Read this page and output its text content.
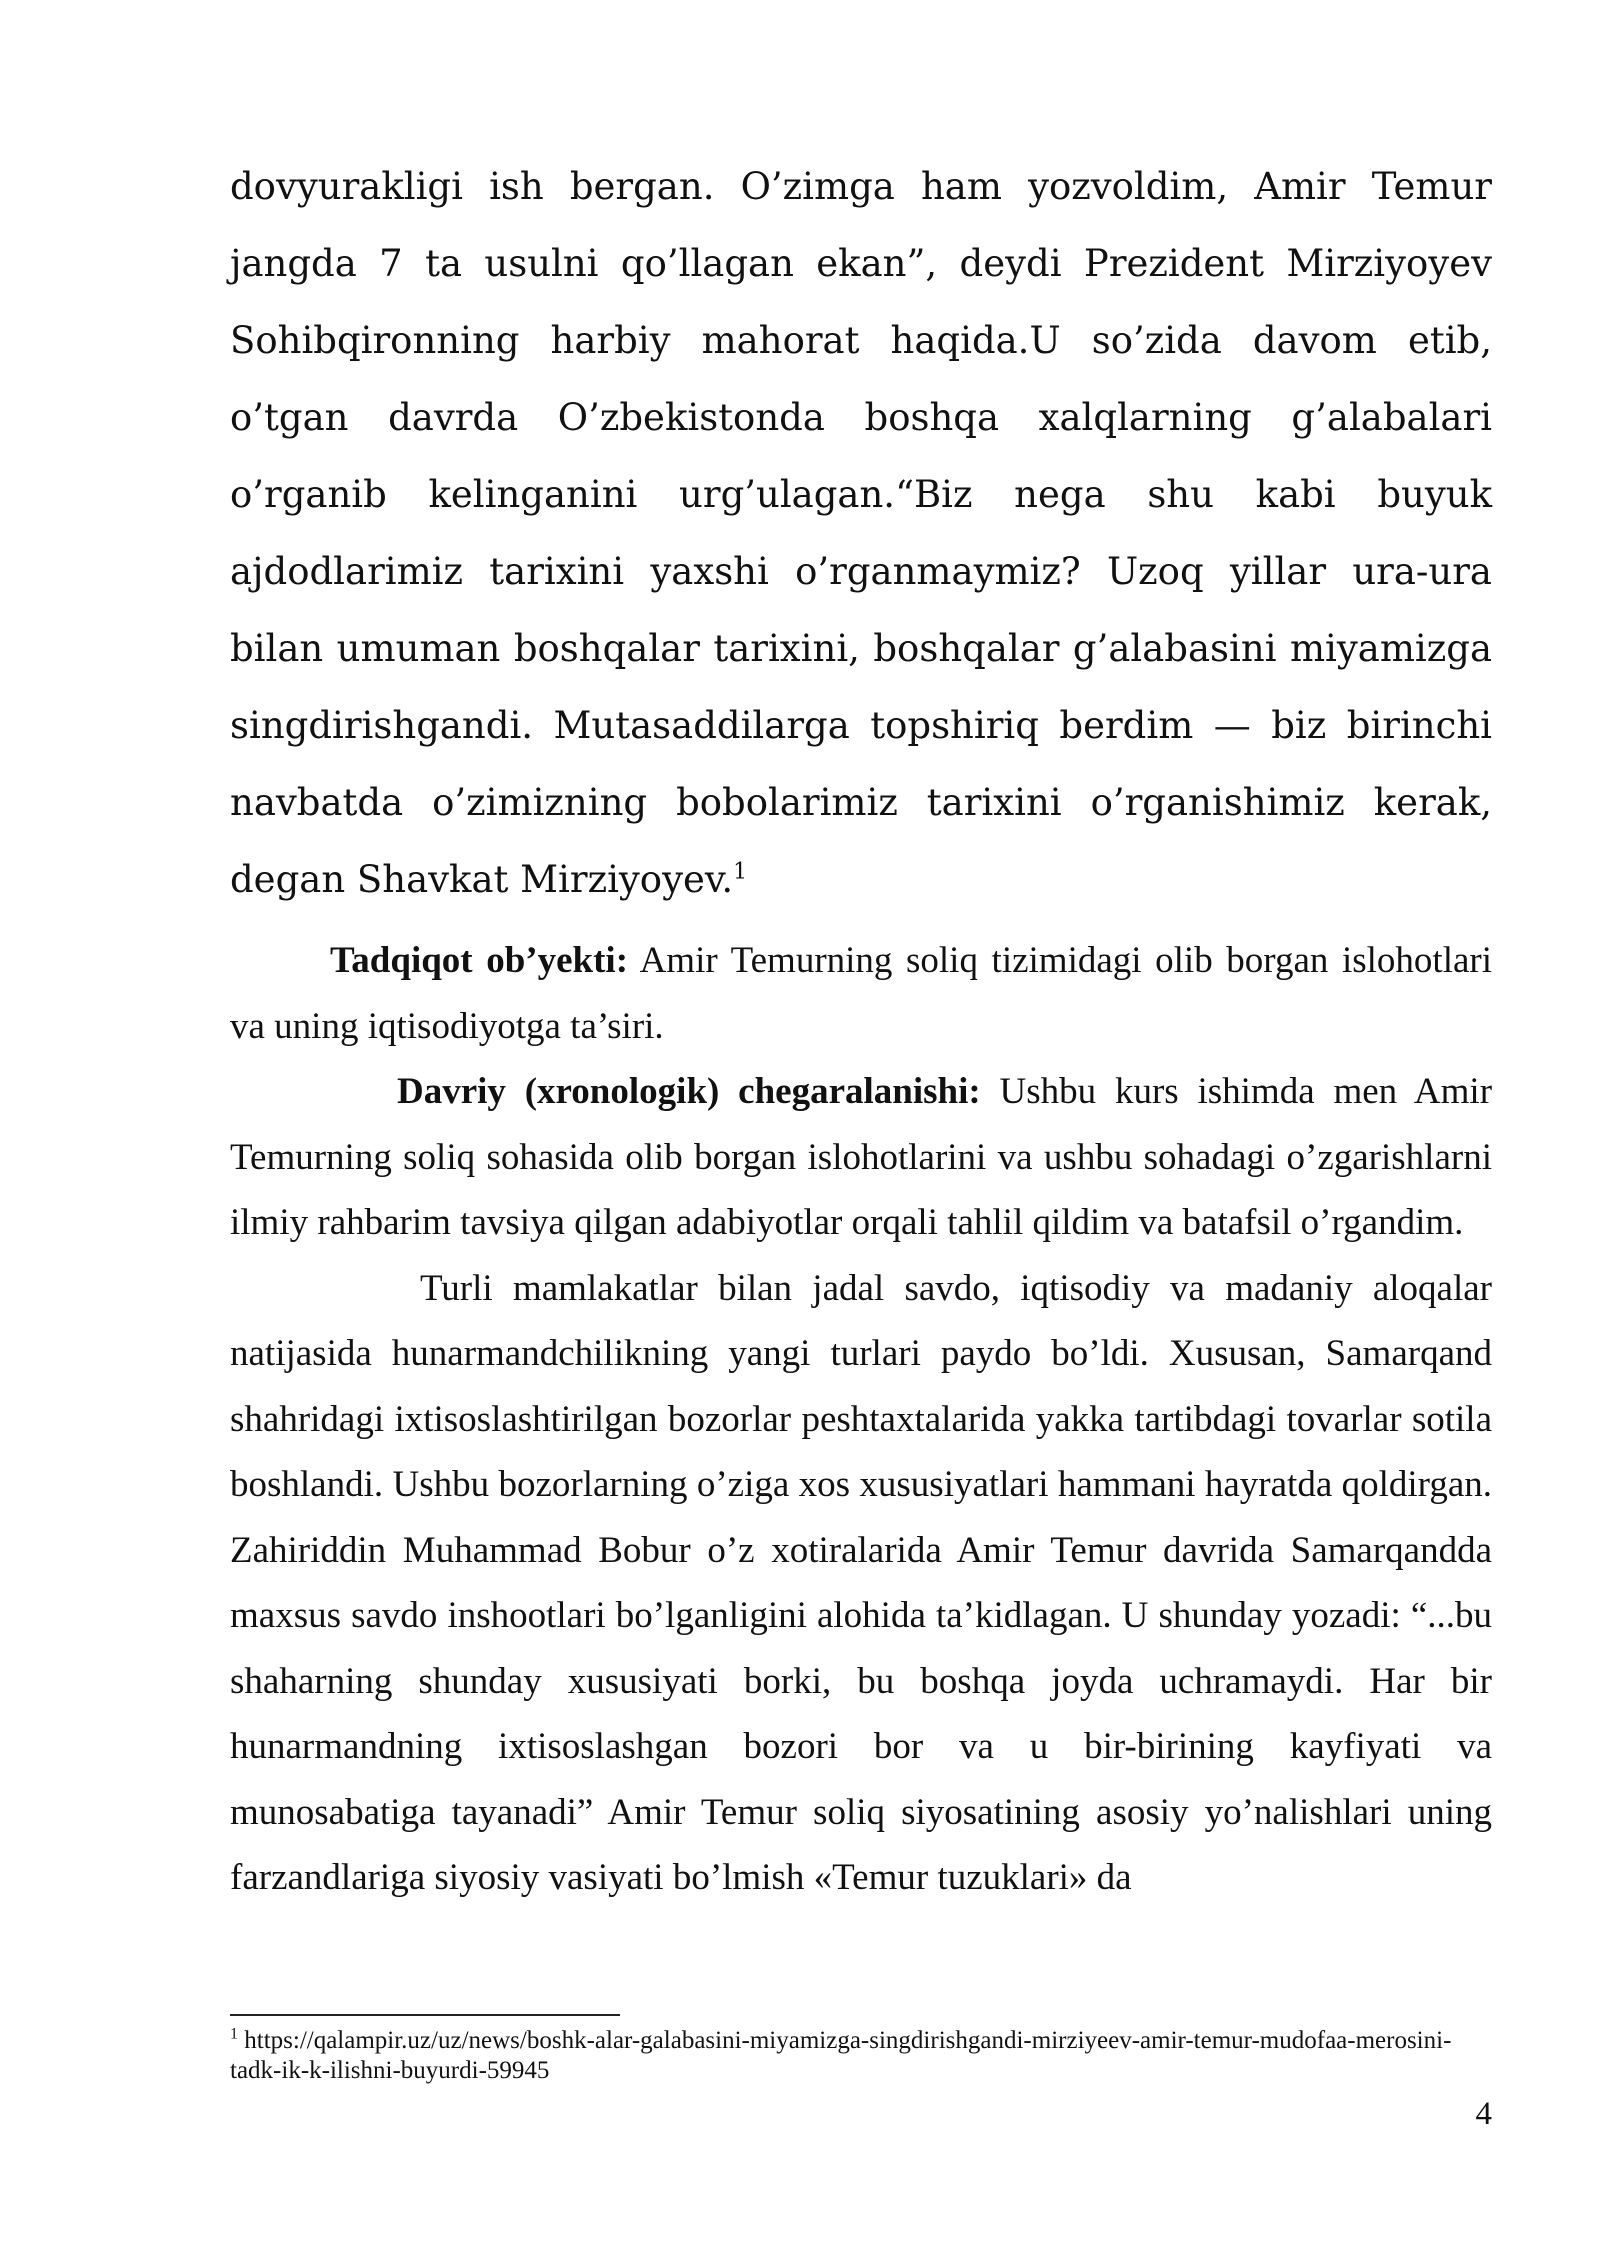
dovyurakligi ish bergan. O’zimga ham yozvoldim, Amir Temur jangda 7 ta usulni qo’llagan ekan”, deydi Prezident Mirziyoyev Sohibqironning harbiy mahorat haqida.U so’zida davom etib, o’tgan davrda O’zbekistonda boshqa xalqlarning g’alabalari o’rganib kelinganini urg’ulagan.“Biz nega shu kabi buyuk ajdodlarimiz tarixini yaxshi o’rganmaymiz? Uzoq yillar ura-ura bilan umuman boshqalar tarixini, boshqalar g’alabasini miyamizga singdirishgandi. Mutasaddilarga topshiriq berdim — biz birinchi navbatda o’zimizning bobolarimiz tarixini o’rganishimiz kerak, degan Shavkat Mirziyoyev.$^1$

Tadqiqot ob’yekti: Amir Temurning soliq tizimidagi olib borgan islohotlari va uning iqtisodiyotga ta’siri.

Davriy (xronologik) chegaralanishi: Ushbu kurs ishimda men Amir Temurning soliq sohasida olib borgan islohotlarini va ushbu sohadagi o’zgarishlarni ilmiy rahbarim tavsiya qilgan adabiyotlar orqali tahlil qildim va batafsil o’rgandim.

Turli mamlakatlar bilan jadal savdo, iqtisodiy va madaniy aloqalar natijasida hunarmandchilikning yangi turlari paydo bo’ldi. Xususan, Samarqand shahridagi ixtisoslashtirilgan bozorlar peshtaxtalarida yakka tartibdagi tovarlar sotila boshlandi. Ushbu bozorlarning o’ziga xos xususiyatlari hammani hayratda qoldirgan. Zahiriddin Muhammad Bobur o’z xotiralarida Amir Temur davrida Samarqandda maxsus savdo inshootlari bo’lganligini alohida ta’kidlagan. U shunday yozadi: “...bu shaharning shunday xususiyati borki, bu boshqa joyda uchramaydi. Har bir hunarmandning ixtisoslashgan bozori bor va u bir-birining kayfiyati va munosabatiga tayanadi” Amir Temur soliq siyosatining asosiy yo’nalishlari uning farzandlariga siyosiy vasiyati bo’lmish «Temur tuzuklari» da

$^1$ https://qalampir.uz/uz/news/boshk-alar-galabasini-miyamizga-singdirishgandi-mirziyeev-amir-temur-mudofaa-merosini-tadk-ik-k-ilishni-buyurdi-59945

4
